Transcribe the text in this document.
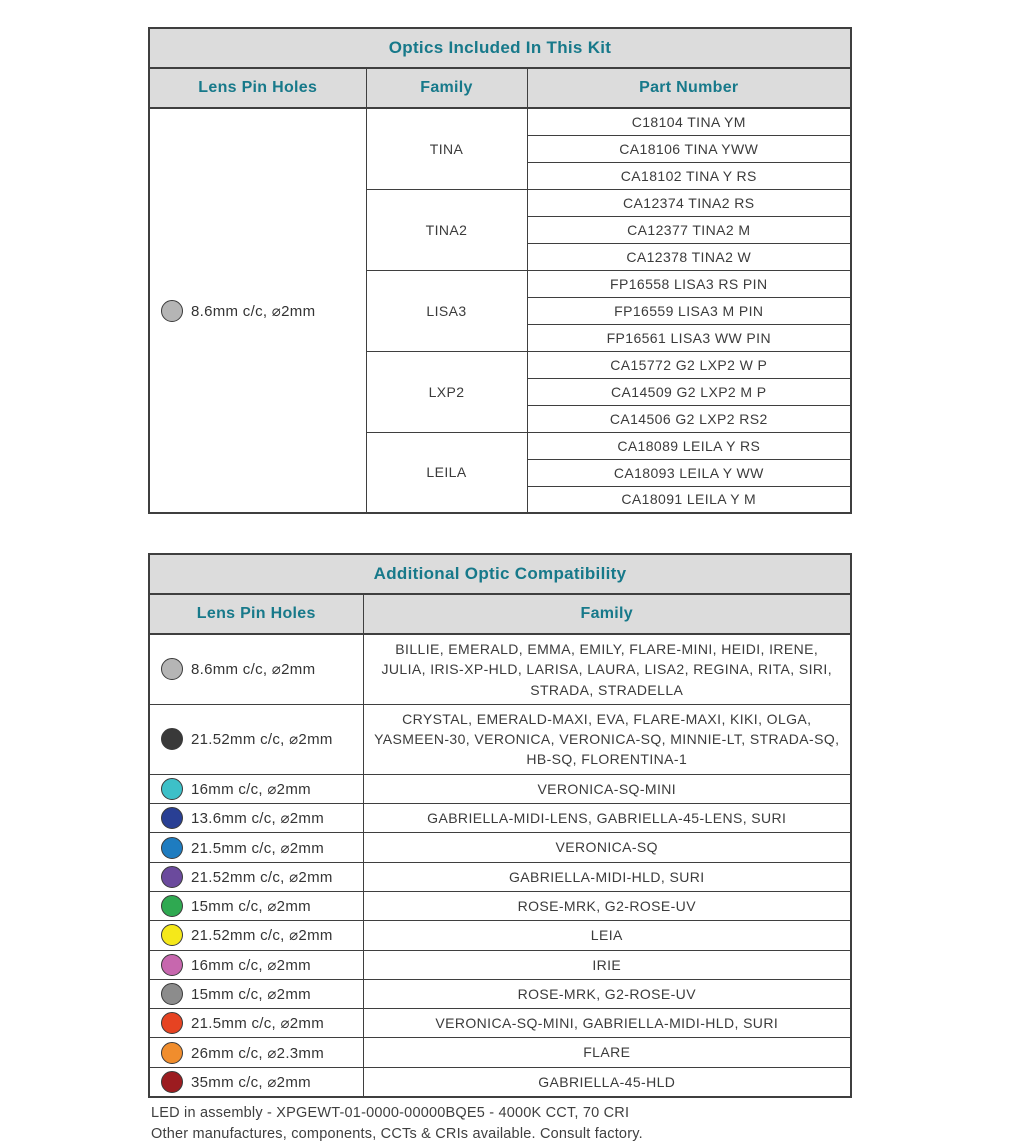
Optics Included In This Kit		
Lens Pin Holes	Family	Part Number
8.6mm c/c, ⌀2mm	TINA	C18104 TINA YM
		CA18106 TINA YWW
		CA18102 TINA Y RS
	TINA2	CA12374 TINA2 RS
		CA12377 TINA2 M
		CA12378 TINA2 W
	LISA3	FP16558 LISA3 RS PIN
		FP16559 LISA3 M PIN
		FP16561 LISA3 WW PIN
	LXP2	CA15772 G2 LXP2 W P
		CA14509 G2 LXP2 M P
		CA14506 G2 LXP2 RS2
	LEILA	CA18089 LEILA Y RS
		CA18093 LEILA Y WW
		CA18091 LEILA Y M
Additional Optic Compatibility	
Lens Pin Holes	Family
8.6mm c/c, ⌀2mm	BILLIE, EMERALD, EMMA, EMILY, FLARE-MINI, HEIDI, IRENE, JULIA, IRIS-XP-HLD, LARISA, LAURA, LISA2, REGINA, RITA, SIRI, STRADA, STRADELLA
21.52mm c/c, ⌀2mm	CRYSTAL, EMERALD-MAXI, EVA, FLARE-MAXI, KIKI, OLGA, YASMEEN-30, VERONICA, VERONICA-SQ, MINNIE-LT, STRADA-SQ, HB-SQ, FLORENTINA-1
16mm c/c, ⌀2mm	VERONICA-SQ-MINI
13.6mm c/c, ⌀2mm	GABRIELLA-MIDI-LENS, GABRIELLA-45-LENS, SURI
21.5mm c/c, ⌀2mm	VERONICA-SQ
21.52mm c/c, ⌀2mm	GABRIELLA-MIDI-HLD, SURI
15mm c/c, ⌀2mm	ROSE-MRK, G2-ROSE-UV
21.52mm c/c, ⌀2mm	LEIA
16mm c/c, ⌀2mm	IRIE
15mm c/c, ⌀2mm	ROSE-MRK, G2-ROSE-UV
21.5mm c/c, ⌀2mm	VERONICA-SQ-MINI, GABRIELLA-MIDI-HLD, SURI
26mm c/c, ⌀2.3mm	FLARE
35mm c/c, ⌀2mm	GABRIELLA-45-HLD
LED in assembly - XPGEWT-01-0000-00000BQE5 - 4000K CCT, 70 CRI
Other manufactures, components, CCTs & CRIs available. Consult factory.
